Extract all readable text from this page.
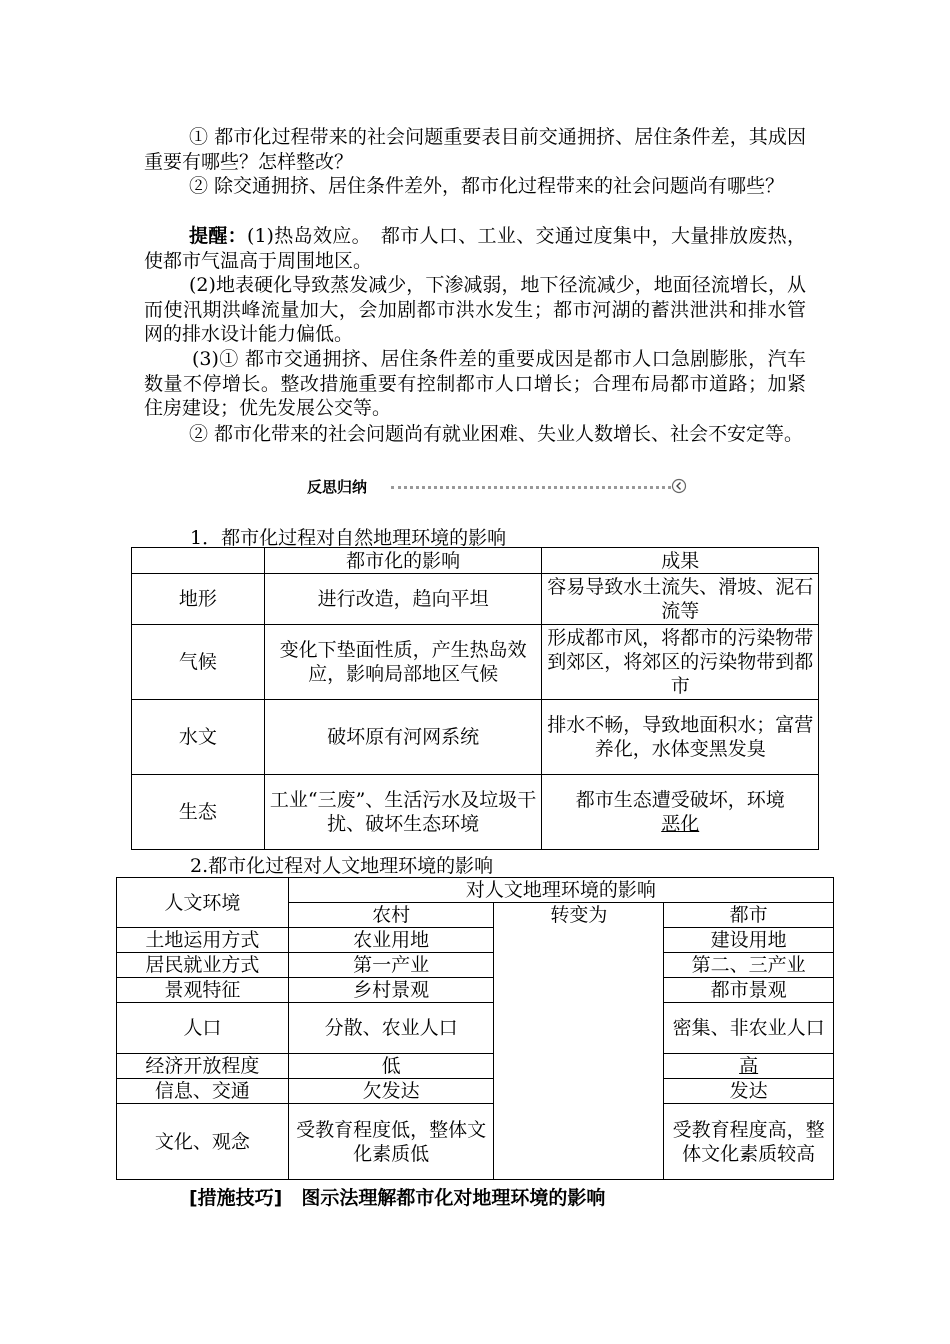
① 都市化过程带来的社会问题重要表目前交通拥挤、居住条件差，其成因重要有哪些？怎样整改？

② 除交通拥挤、居住条件差外，都市化过程带来的社会问题尚有哪些？

提醒：(1)热岛效应。　都市人口、工业、交通过度集中，大量排放废热，使都市气温高于周围地区。

(2)地表硬化导致蒸发减少，下渗减弱，地下径流减少，地面径流增长，从而使汛期洪峰流量加大，会加剧都市洪水发生；都市河湖的蓄洪泄洪和排水管网的排水设计能力偏低。

(3)① 都市交通拥挤、居住条件差的重要成因是都市人口急剧膨胀，汽车数量不停增长。整改措施重要有控制都市人口增长；合理布局都市道路；加紧住房建设；优先发展公交等。

② 都市化带来的社会问题尚有就业困难、失业人数增长、社会不安定等。

反思归纳

1．都市化过程对自然地理环境的影响

	都市化的影响	成果
地形	进行改造，趋向平坦	容易导致水土流失、滑坡、泥石流等
气候	变化下垫面性质，产生热岛效应，影响局部地区气候	形成都市风，将都市的污染物带到郊区，将郊区的污染物带到都市
水文	破坏原有河网系统	排水不畅，导致地面积水；富营养化，水体变黑发臭
生态	工业“三废”、生活污水及垃圾干扰、破坏生态环境	都市生态遭受破坏，环境
恶化

2.都市化过程对人文地理环境的影响

人文环境	对人文地理环境的影响		
	农村	转变为	都市
土地运用方式	农业用地		建设用地
居民就业方式	第一产业		第二、三产业
景观特征	乡村景观		都市景观
人口	分散、农业人口		密集、非农业人口
经济开放程度	低		高
信息、交通	欠发达		发达
文化、观念	受教育程度低，整体文化素质低		受教育程度高，整体文化素质较高

[措施技巧]　图示法理解都市化对地理环境的影响
